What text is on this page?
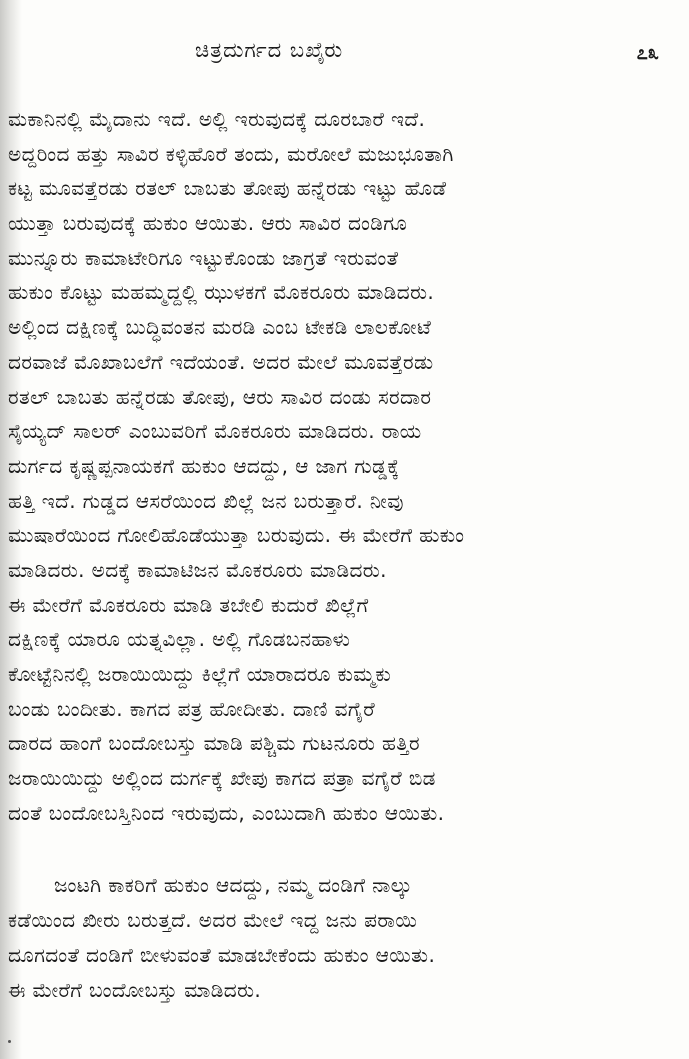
ಚಿತ್ರದುರ್ಗದ ಬಖೈರು	೭೩
ಮಕಾನಿನಲ್ಲಿ ಮೈದಾನು ಇದೆ. ಅಲ್ಲಿ ಇರುವುದಕ್ಕೆ ದೂರಬಾರೆ ಇದೆ.
ಅದ್ದರಿಂದ ಹತ್ತು ಸಾವಿರ ಕಳ್ಳಿಹೊರೆ ತಂದು, ಮರೋಲೆ ಮಜುಭೂತಾಗಿ
ಕಟ್ಟ ಮೂವತ್ತೆರಡು ರತಲ್ ಬಾಬತು ತೋಪು ಹನ್ನೆರಡು ಇಟ್ಟು ಹೊಡೆ
ಯುತ್ತಾ ಬರುವುದಕ್ಕೆ ಹುಕುಂ ಆಯಿತು. ಆರು ಸಾವಿರ ದಂಡಿಗೂ
ಮುನ್ನೂರು ಕಾಮಾಟೇರಿಗೂ ಇಟ್ಟುಕೊಂಡು ಜಾಗ್ರತೆ ಇರುವಂತೆ
ಹುಕುಂ ಕೊಟ್ಟು ಮಹಮ್ಮದ್ದಲ್ಲಿ ಝುಳಕಗೆ ಮೊಕರೂರು ಮಾಡಿದರು.
ಅಲ್ಲಿಂದ ದಕ್ಷಿಣಕ್ಕೆ ಬುದ್ಧಿವಂತನ ಮರಡಿ ಎಂಬ ಟೇಕಡಿ ಲಾಲಕೋಟೆ
ದರವಾಜೆ ಮೊಖಾಬಲೆಗೆ ಇದೆಯಂತೆ. ಅದರ ಮೇಲೆ ಮೂವತ್ತೆರಡು
ರತಲ್ ಬಾಬತು ಹನ್ನೆರಡು ತೋಪು, ಆರು ಸಾವಿರ ದಂಡು ಸರದಾರ
ಸೈಯ್ಯದ್ ಸಾಲರ್ ಎಂಬುವರಿಗೆ ಮೊಕರೂರು ಮಾಡಿದರು. ರಾಯ
ದುರ್ಗದ ಕೃಷ್ಣಪ್ಪನಾಯಕಗೆ ಹುಕುಂ ಆದದ್ದು, ಆ ಜಾಗ ಗುಡ್ಡಕ್ಕೆ
ಹತ್ತಿ ಇದೆ. ಗುಡ್ಡದ ಆಸರೆಯಿಂದ ಖಿಲ್ಲೆ ಜನ ಬರುತ್ತಾರೆ. ನೀವು
ಮುಷಾರೆಯಿಂದ ಗೋಲಿಹೊಡೆಯುತ್ತಾ ಬರುವುದು. ಈ ಮೇರೆಗೆ ಹುಕುಂ
ಮಾಡಿದರು. ಅದಕ್ಕೆ ಕಾಮಾಟಿಜನ ಮೊಕರೂರು ಮಾಡಿದರು.
ಈ ಮೇರೆಗೆ ಮೊಕರೂರು ಮಾಡಿ ತಬೇಲಿ ಕುದುರೆ ಖಿಲ್ಲೆಗೆ
ದಕ್ಷಿಣಕ್ಕೆ ಯಾರೂ ಯತ್ನವಿಲ್ಲಾ. ಅಲ್ಲಿ ಗೊಡಬನಹಾಳು
ಕೋಟ್ಟೆನಿನಲ್ಲಿ ಜರಾಯಿಯಿದ್ದು ಕಿಲ್ಲೆಗೆ ಯಾರಾದರೂ ಕುಮ್ಮಕು
ಬಂಡು ಬಂದೀತು. ಕಾಗದ ಪತ್ರ ಹೋದೀತು. ದಾಣಿ ವಗೈರೆ
ದಾರದ ಹಾಂಗೆ ಬಂದೋಬಸ್ತು ಮಾಡಿ ಪಶ್ಚಿಮ ಗುಟನೂರು ಹತ್ತಿರ
ಜರಾಯಿಯಿದ್ದು ಅಲ್ಲಿಂದ ದುರ್ಗಕ್ಕೆ ಖೇಪು ಕಾಗದ ಪತ್ರಾ ವಗೈರೆ ಬಿಡ
ದಂತೆ ಬಂದೋಬಸ್ತಿನಿಂದ ಇರುವುದು, ಎಂಬುದಾಗಿ ಹುಕುಂ ಆಯಿತು.
ಜಂಟಗಿ ಕಾಕರಿಗೆ ಹುಕುಂ ಆದದ್ದು, ನಮ್ಮ ದಂಡಿಗೆ ನಾಲ್ಕು
ಕಡೆಯಿಂದ ಖೀರು ಬರುತ್ತದೆ. ಅದರ ಮೇಲೆ ಇದ್ದ ಜನು ಪರಾಯಿ
ದೂಗದಂತೆ ದಂಡಿಗೆ ಬೀಳುವಂತೆ ಮಾಡಬೇಕೆಂದು ಹುಕುಂ ಆಯಿತು.
ಈ ಮೇರೆಗೆ ಬಂದೋಬಸ್ತು ಮಾಡಿದರು.
